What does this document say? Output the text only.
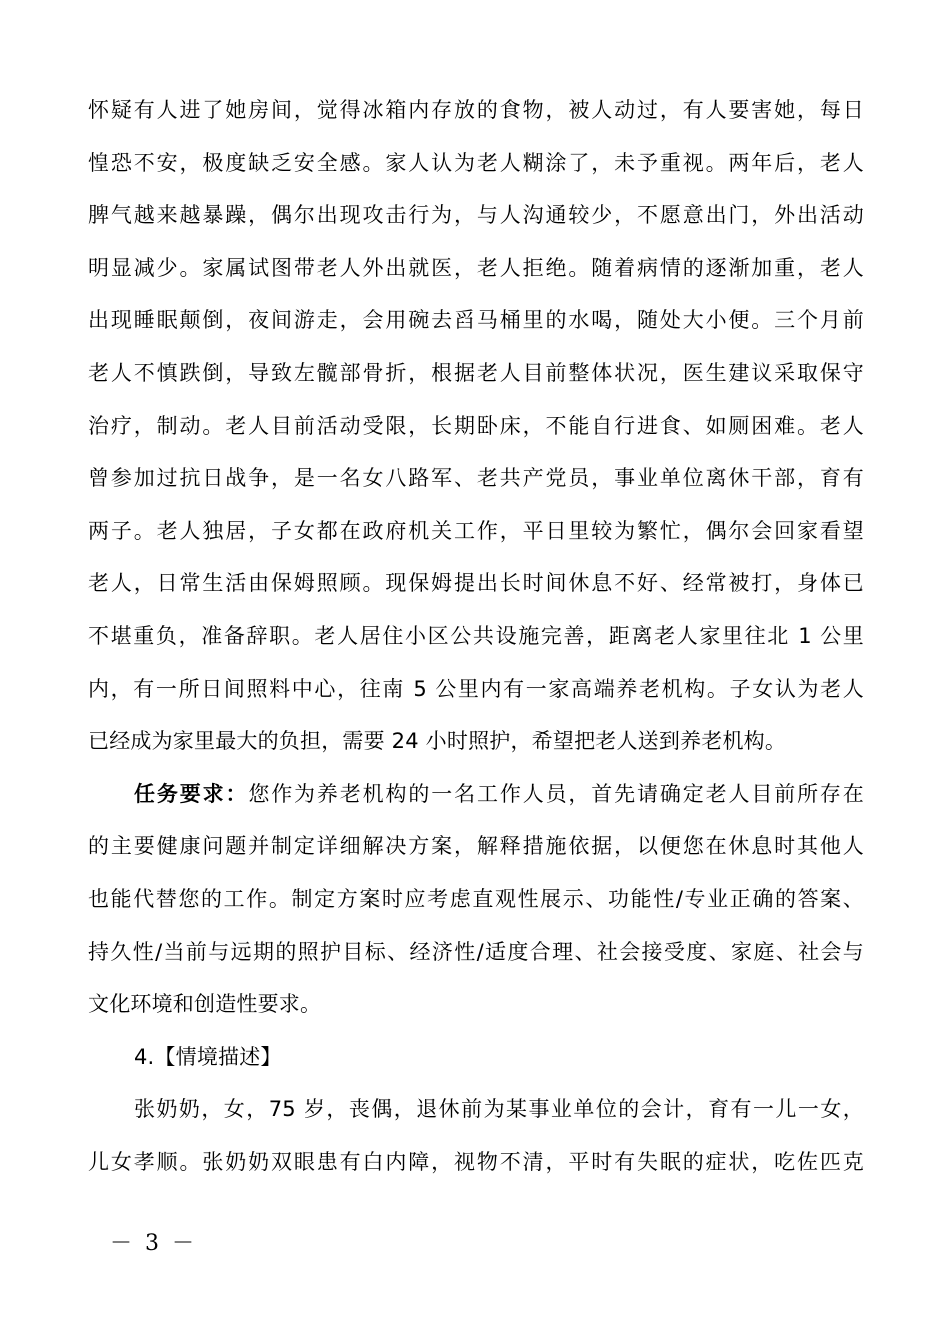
怀疑有人进了她房间，觉得冰箱内存放的食物，被人动过，有人要害她，每日
惶恐不安，极度缺乏安全感。家人认为老人糊涂了，未予重视。两年后，老人
脾气越来越暴躁，偶尔出现攻击行为，与人沟通较少，不愿意出门，外出活动
明显减少。家属试图带老人外出就医，老人拒绝。随着病情的逐渐加重，老人
出现睡眠颠倒，夜间游走，会用碗去舀马桶里的水喝，随处大小便。三个月前
老人不慎跌倒，导致左髋部骨折，根据老人目前整体状况，医生建议采取保守
治疗，制动。老人目前活动受限，长期卧床，不能自行进食、如厕困难。老人
曾参加过抗日战争，是一名女八路军、老共产党员，事业单位离休干部，育有
两子。老人独居，子女都在政府机关工作，平日里较为繁忙，偶尔会回家看望
老人，日常生活由保姆照顾。现保姆提出长时间休息不好、经常被打，身体已
不堪重负，准备辞职。老人居住小区公共设施完善，距离老人家里往北 1 公里
内，有一所日间照料中心，往南 5 公里内有一家高端养老机构。子女认为老人
已经成为家里最大的负担，需要 24 小时照护，希望把老人送到养老机构。
任务要求：您作为养老机构的一名工作人员，首先请确定老人目前所存在
的主要健康问题并制定详细解决方案，解释措施依据，以便您在休息时其他人
也能代替您的工作。制定方案时应考虑直观性展示、功能性/专业正确的答案、
持久性/当前与远期的照护目标、经济性/适度合理、社会接受度、家庭、社会与
文化环境和创造性要求。
4.【情境描述】
张奶奶，女，75 岁，丧偶，退休前为某事业单位的会计，育有一儿一女，
儿女孝顺。张奶奶双眼患有白内障，视物不清，平时有失眠的症状，吃佐匹克
－ 3 －
